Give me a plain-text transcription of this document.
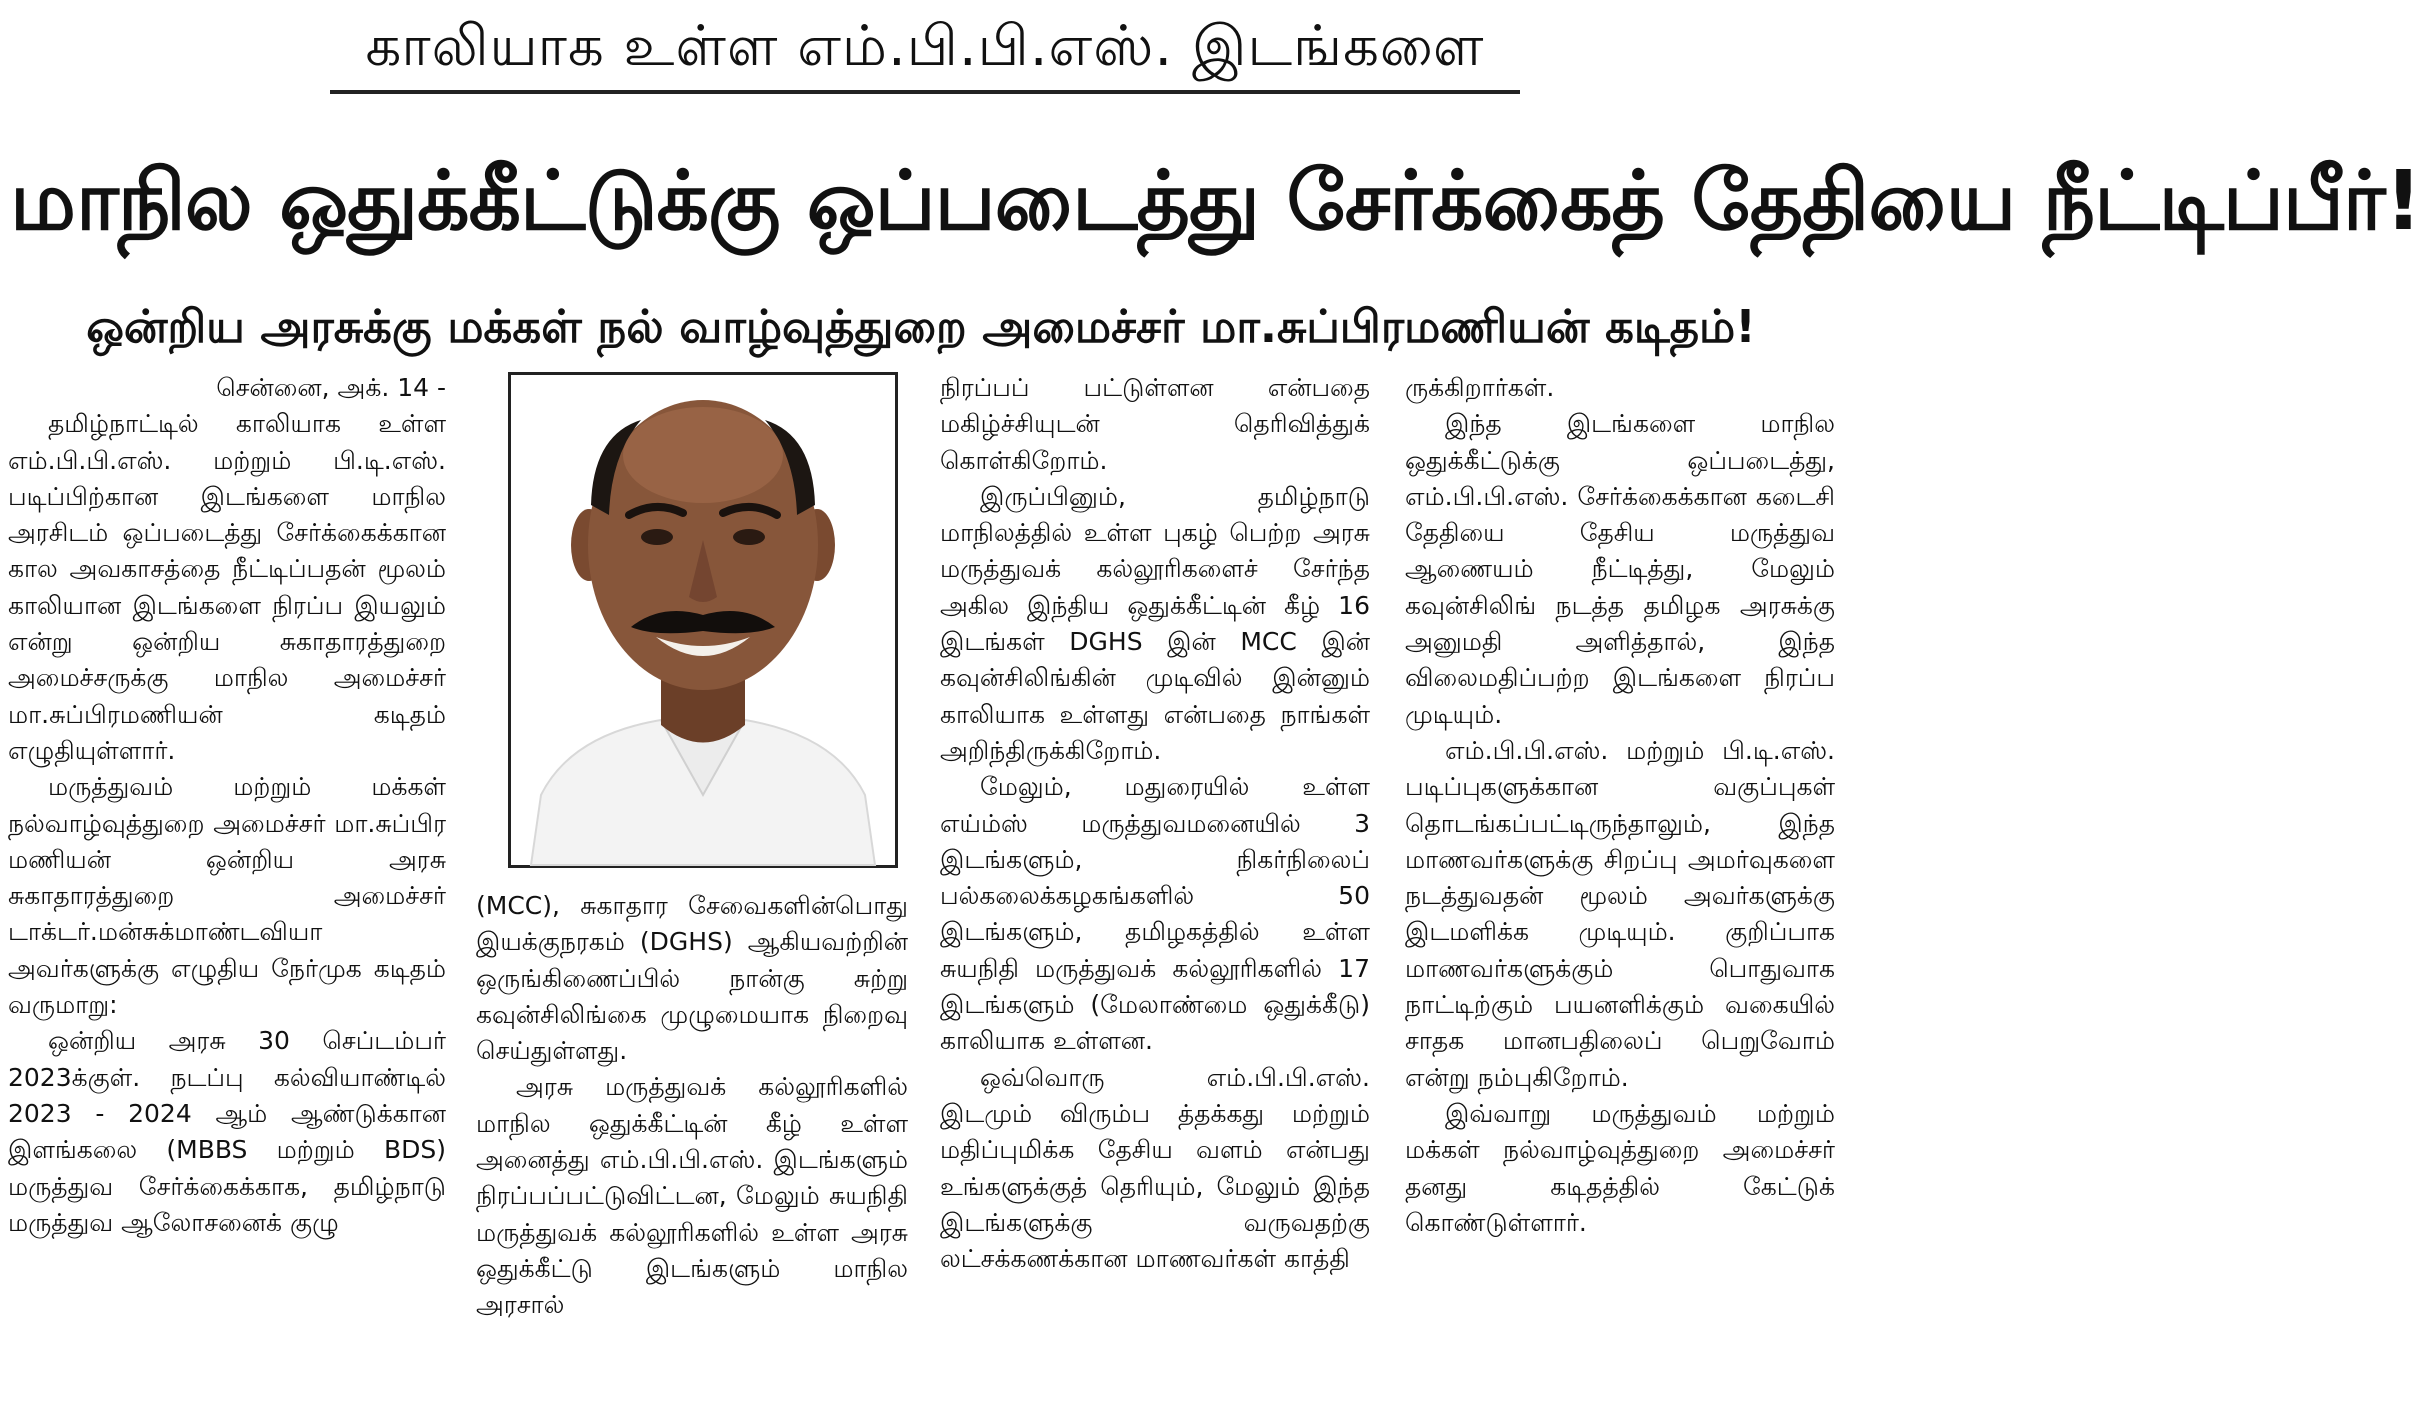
காலியாக உள்ள எம்.பி.பி.எஸ். இடங்களை
மாநில ஒதுக்கீட்டுக்கு ஒப்படைத்து சேர்க்கைத் தேதியை நீட்டிப்பீர்!
ஒன்றிய அரசுக்கு மக்கள் நல் வாழ்வுத்துறை அமைச்சர் மா.சுப்பிரமணியன் கடிதம்!

சென்னை, அக். 14 -

தமிழ்நாட்டில் காலியாக உள்ள எம்.பி.பி.எஸ். மற்றும் பி.டி.எஸ். படிப்பிற்கான இடங்களை மாநில அரசிடம் ஒப்படைத்து சேர்க்கைக்கான கால அவகாசத்தை நீட்டிப்பதன் மூலம் காலியான இடங்களை நிரப்ப இயலும் என்று ஒன்றிய சுகாதாரத்துறை அமைச்சருக்கு மாநில அமைச்சர் மா.சுப்பிரமணியன் கடிதம் எழுதியுள்ளார்.

மருத்துவம் மற்றும் மக்கள் நல்வாழ்வுத்துறை அமைச்சர் மா.சுப்பிர மணியன் ஒன்றிய அரசு சுகாதாரத்துறை அமைச்சர் டாக்டர்.மன்சுக்மாண்டவியா அவர்களுக்கு எழுதிய நேர்முக கடிதம் வருமாறு:

ஒன்றிய அரசு 30 செப்டம்பர் 2023க்குள். நடப்பு கல்வியாண்டில் 2023 - 2024 ஆம் ஆண்டுக்கான இளங்கலை (MBBS மற்றும் BDS) மருத்துவ சேர்க்கைக்காக, தமிழ்நாடு மருத்துவ ஆலோசனைக் குழு

(MCC), சுகாதார சேவைகளின்பொது இயக்குநரகம் (DGHS) ஆகியவற்றின் ஒருங்கிணைப்பில் நான்கு சுற்று கவுன்சிலிங்கை முழுமையாக நிறைவு செய்துள்ளது.

அரசு மருத்துவக் கல்லூரிகளில் மாநில ஒதுக்கீட்டின் கீழ் உள்ள அனைத்து எம்.பி.பி.எஸ். இடங்களும் நிரப்பப்பட்டுவிட்டன, மேலும் சுயநிதி மருத்துவக் கல்லூரிகளில் உள்ள அரசு ஒதுக்கீட்டு இடங்களும் மாநில அரசால்

நிரப்பப் பட்டுள்ளன என்பதை மகிழ்ச்சியுடன் தெரிவித்துக் கொள்கிறோம்.

இருப்பினும், தமிழ்நாடு மாநிலத்தில் உள்ள புகழ் பெற்ற அரசு மருத்துவக் கல்லூரிகளைச் சேர்ந்த அகில இந்திய ஒதுக்கீட்டின் கீழ் 16 இடங்கள் DGHS இன் MCC இன் கவுன்சிலிங்கின் முடிவில் இன்னும் காலியாக உள்ளது என்பதை நாங்கள் அறிந்திருக்கிறோம்.

மேலும், மதுரையில் உள்ள எய்ம்ஸ் மருத்துவமனையில் 3 இடங்களும், நிகர்நிலைப் பல்கலைக்கழகங்களில் 50 இடங்களும், தமிழகத்தில் உள்ள சுயநிதி மருத்துவக் கல்லூரிகளில் 17 இடங்களும் (மேலாண்மை ஒதுக்கீடு) காலியாக உள்ளன.

ஒவ்வொரு எம்.பி.பி.எஸ். இடமும் விரும்ப த்தக்கது மற்றும் மதிப்புமிக்க தேசிய வளம் என்பது உங்களுக்குத் தெரியும், மேலும் இந்த இடங்களுக்கு வருவதற்கு லட்சக்கணக்கான மாணவர்கள் காத்தி

ருக்கிறார்கள்.

இந்த இடங்களை மாநில ஒதுக்கீட்டுக்கு ஒப்படைத்து, எம்.பி.பி.எஸ். சேர்க்கைக்கான கடைசி தேதியை தேசிய மருத்துவ ஆணையம் நீட்டித்து, மேலும் கவுன்சிலிங் நடத்த தமிழக அரசுக்கு அனுமதி அளித்தால், இந்த விலைமதிப்பற்ற இடங்களை நிரப்ப முடியும்.

எம்.பி.பி.எஸ். மற்றும் பி.டி.எஸ். படிப்புகளுக்கான வகுப்புகள் தொடங்கப்பட்டிருந்தாலும், இந்த மாணவர்களுக்கு சிறப்பு அமர்வுகளை நடத்துவதன் மூலம் அவர்களுக்கு இடமளிக்க முடியும். குறிப்பாக மாணவர்களுக்கும் பொதுவாக நாட்டிற்கும் பயனளிக்கும் வகையில் சாதக மானபதிலைப் பெறுவோம் என்று நம்புகிறோம்.

இவ்வாறு மருத்துவம் மற்றும் மக்கள் நல்வாழ்வுத்துறை அமைச்சர் தனது கடிதத்தில் கேட்டுக் கொண்டுள்ளார்.
